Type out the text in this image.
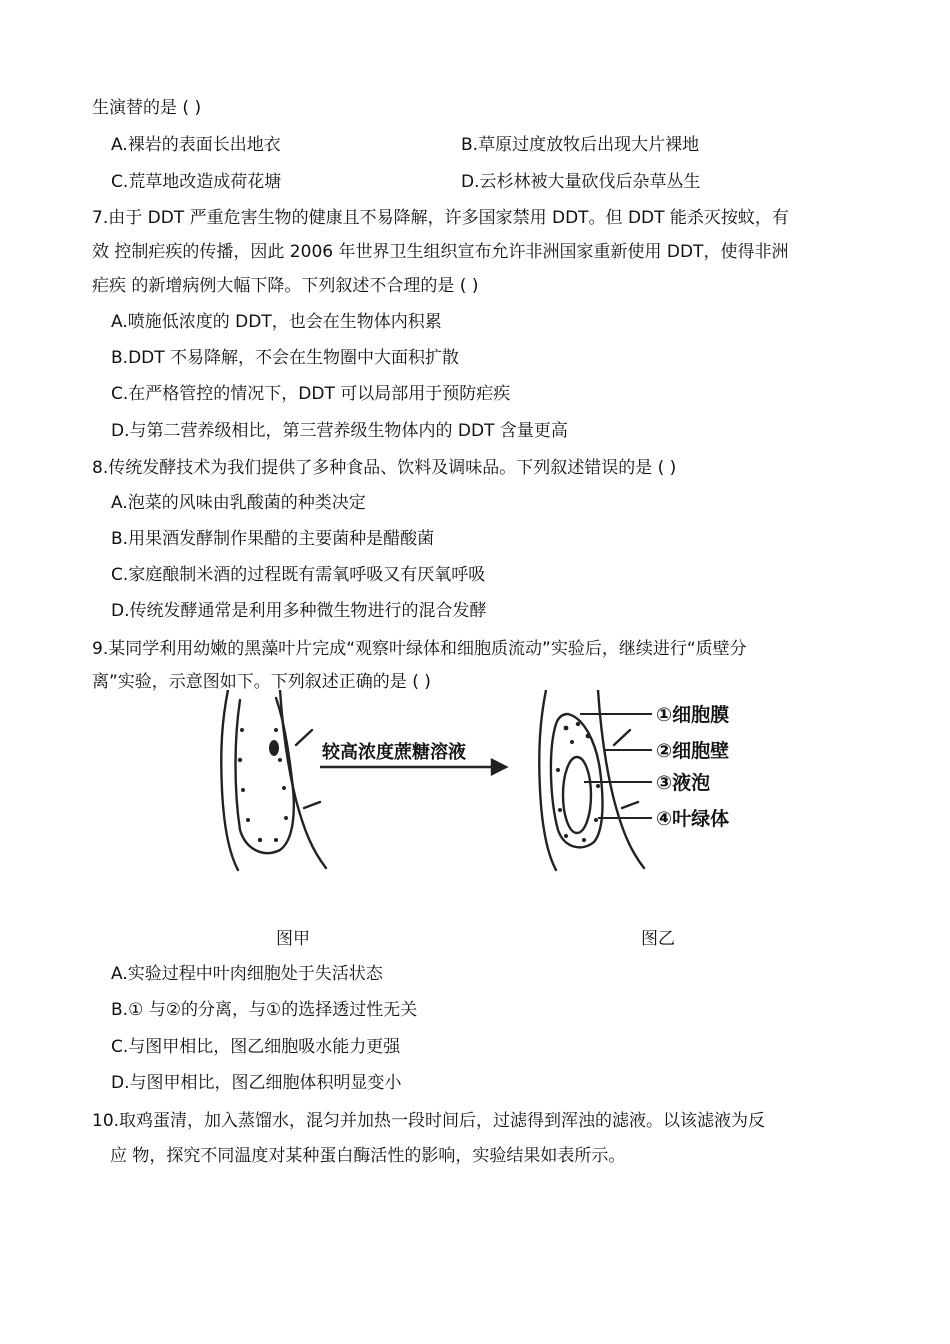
生演替的是 ( )
A.裸岩的表面长出地衣	B.草原过度放牧后出现大片裸地
C.荒草地改造成荷花塘	D.云杉林被大量砍伐后杂草丛生
7.由于 DDT 严重危害生物的健康且不易降解，许多国家禁用 DDT。但 DDT 能杀灭按蚊，有
效 控制疟疾的传播，因此 2006 年世界卫生组织宣布允许非洲国家重新使用 DDT，使得非洲
疟疾 的新增病例大幅下降。下列叙述不合理的是 ( )
A.喷施低浓度的 DDT，也会在生物体内积累
B.DDT 不易降解，不会在生物圈中大面积扩散
C.在严格管控的情况下，DDT 可以局部用于预防疟疾
D.与第二营养级相比，第三营养级生物体内的 DDT 含量更高
8.传统发酵技术为我们提供了多种食品、饮料及调味品。下列叙述错误的是 ( )
A.泡菜的风味由乳酸菌的种类决定
B.用果酒发酵制作果醋的主要菌种是醋酸菌
C.家庭酿制米酒的过程既有需氧呼吸又有厌氧呼吸
D.传统发酵通常是利用多种微生物进行的混合发酵
9.某同学利用幼嫩的黑藻叶片完成“观察叶绿体和细胞质流动”实验后，继续进行“质壁分
离”实验，示意图如下。下列叙述正确的是 ( )
较高浓度蔗糖溶液
①细胞膜
②细胞壁
③液泡
④叶绿体
图甲	图乙
A.实验过程中叶肉细胞处于失活状态
B.① 与②的分离，与①的选择透过性无关
C.与图甲相比，图乙细胞吸水能力更强
D.与图甲相比，图乙细胞体积明显变小
10.取鸡蛋清，加入蒸馏水，混匀并加热一段时间后，过滤得到浑浊的滤液。以该滤液为反
应 物，探究不同温度对某种蛋白酶活性的影响，实验结果如表所示。
